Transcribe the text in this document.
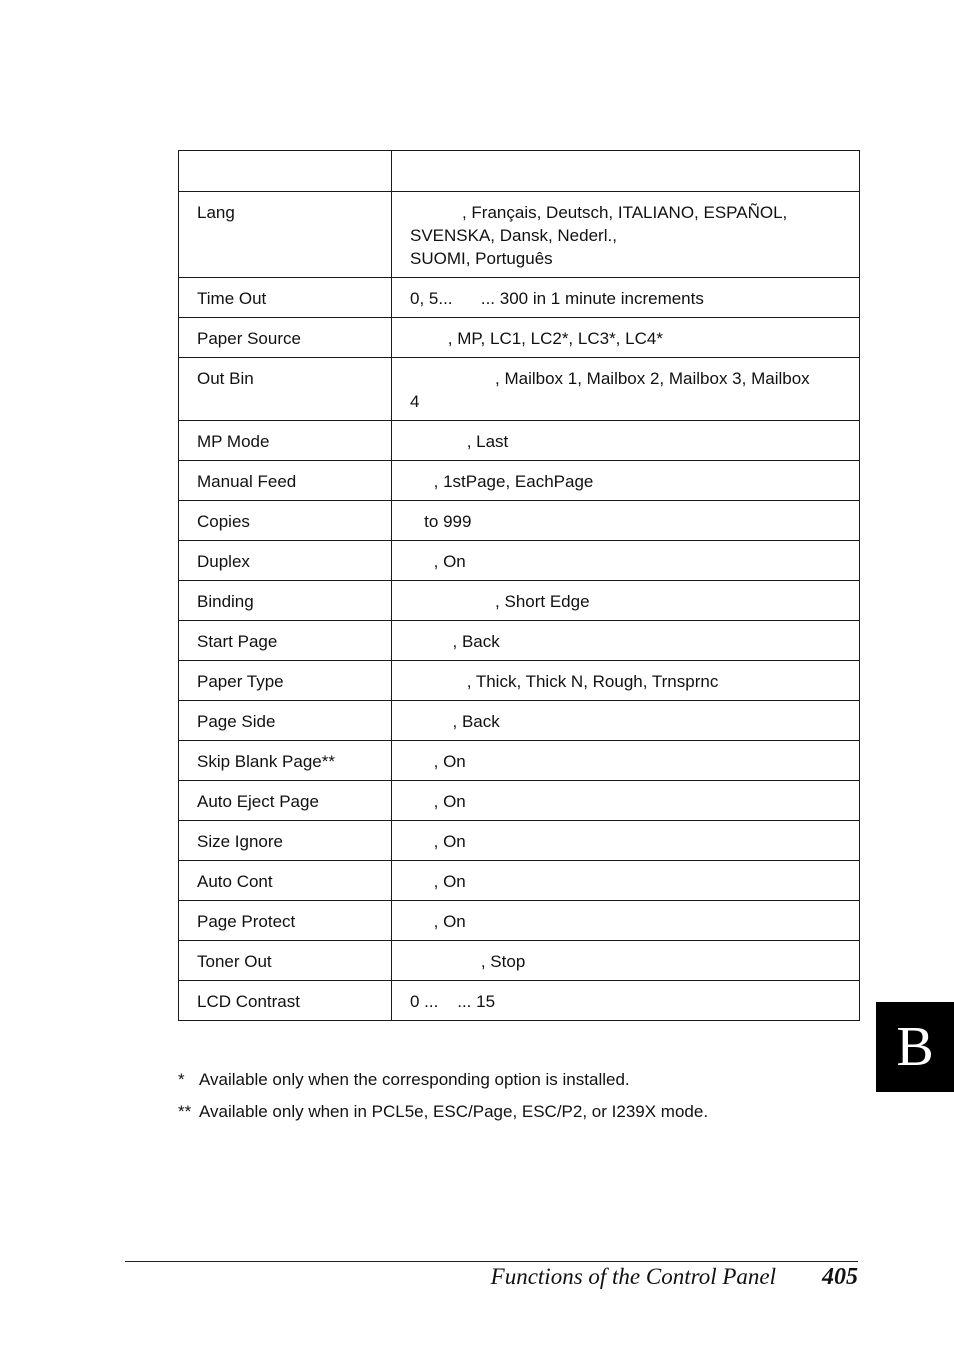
Lang	, Français, Deutsch, ITALIANO, ESPAÑOL,
SVENSKA, Dansk, Nederl.,
SUOMI, Português
Time Out	0, 5...      ... 300 in 1 minute increments
Paper Source	, MP, LC1, LC2*, LC3*, LC4*
Out Bin	, Mailbox 1, Mailbox 2, Mailbox 3, Mailbox
4
MP Mode	, Last
Manual Feed	, 1stPage, EachPage
Copies	to 999
Duplex	, On
Binding	, Short Edge
Start Page	, Back
Paper Type	, Thick, Thick N, Rough, Trnsprnc
Page Side	, Back
Skip Blank Page**	, On
Auto Eject Page	, On
Size Ignore	, On
Auto Cont	, On
Page Protect	, On
Toner Out	, Stop
LCD Contrast	0 ...    ... 15
* Available only when the corresponding option is installed.
** Available only when in PCL5e, ESC/Page, ESC/P2, or I239X mode.
B
Functions of the Control Panel 405
